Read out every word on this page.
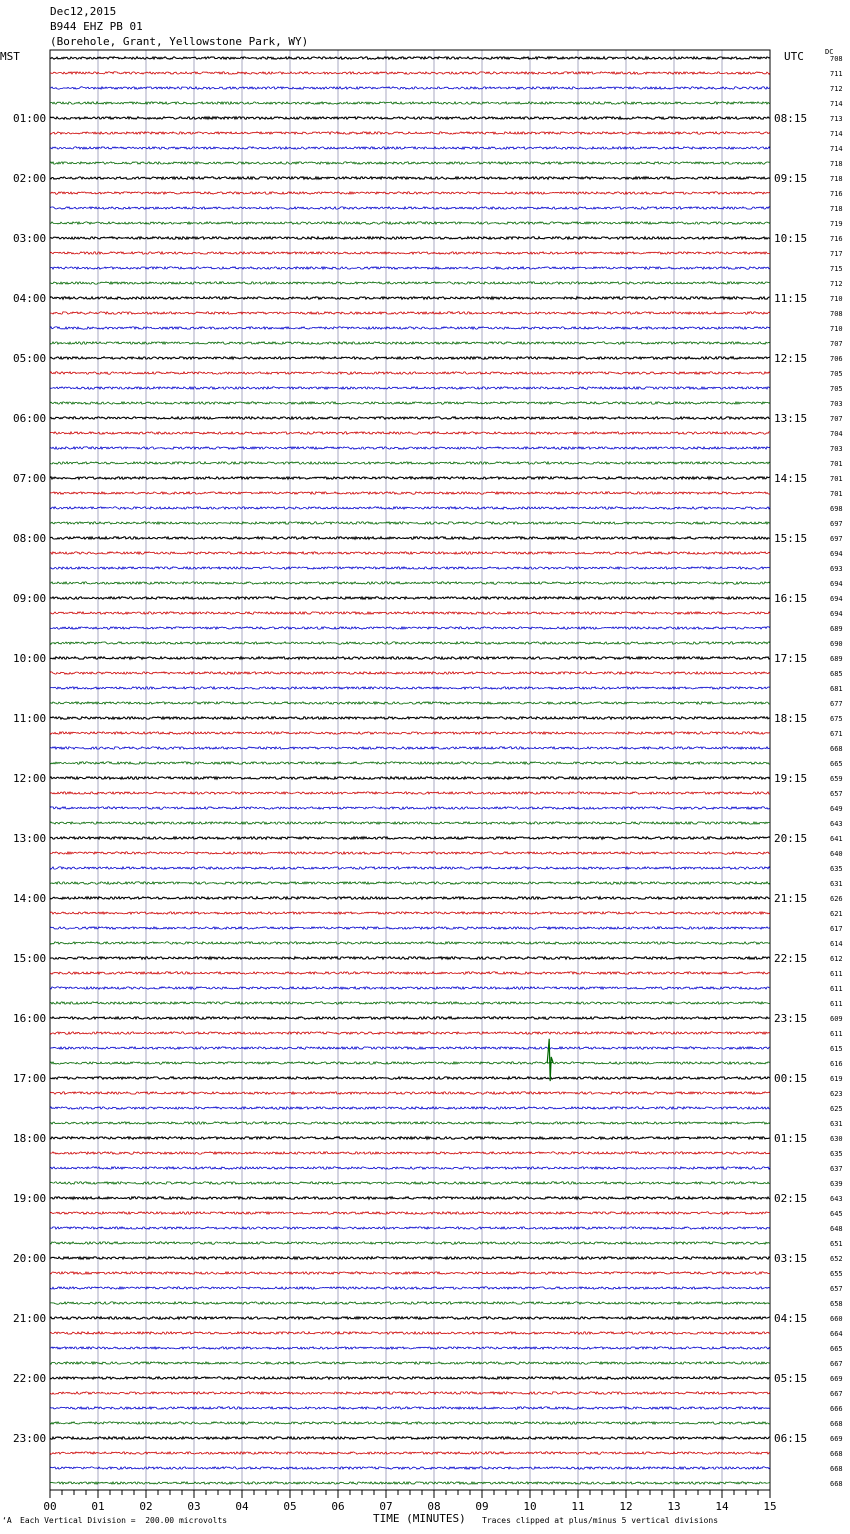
01:00
02:00
03:00
04:00
05:00
06:00
07:00
08:00
09:00
10:00
11:00
12:00
13:00
14:00
15:00
16:00
17:00
18:00
19:00
20:00
21:00
22:00
23:00
08:15
09:15
10:15
11:15
12:15
13:15
14:15
15:15
16:15
17:15
18:15
19:15
20:15
21:15
22:15
23:15
00:15
01:15
02:15
03:15
04:15
05:15
06:15
708
711
712
714
713
714
714
718
718
716
718
719
716
717
715
712
710
708
710
707
706
705
705
703
707
704
703
701
701
701
698
697
697
694
693
694
694
694
689
690
689
685
681
677
675
671
668
665
659
657
649
643
641
640
635
631
626
621
617
614
612
611
611
611
609
611
615
616
619
623
625
631
630
635
637
639
643
645
648
651
652
655
657
658
660
664
665
667
669
667
666
668
669
668
668
668
00	01	02	03	04	05	06	07	08	09	10	11	12	13	14	15
Dec12,2015
B944 EHZ PB 01
(Borehole, Grant, Yellowstone Park, WY)
MST	UTC	DC
‘A Each Vertical Division =  200.00 microvolts	TIME (MINUTES) Traces clipped at plus/minus 5 vertical divisions
